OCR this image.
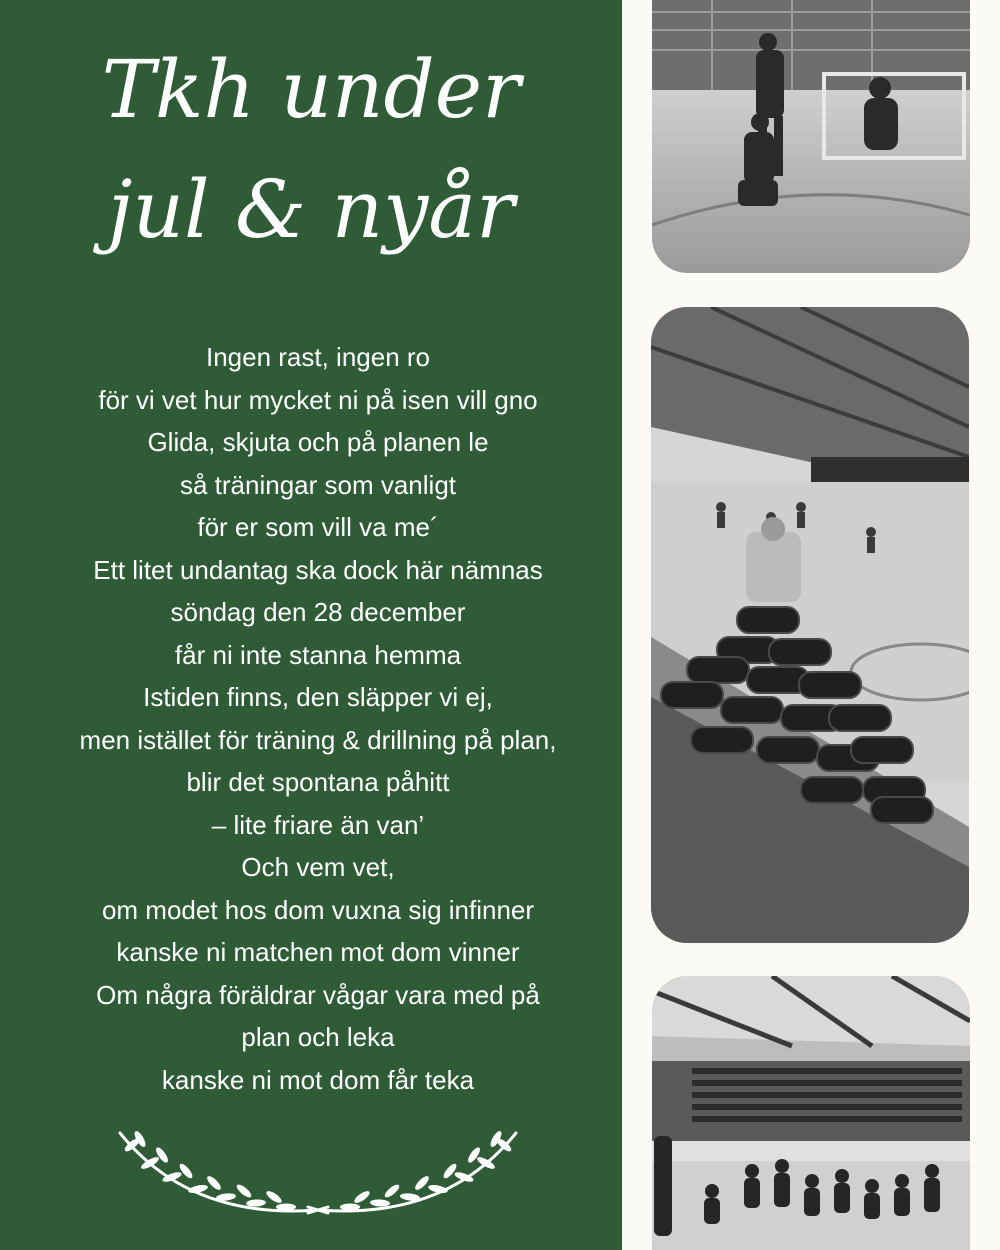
Tkh under
jul & nyår
Ingen rast, ingen ro
för vi vet hur mycket ni på isen vill gno
Glida, skjuta och på planen le
så träningar som vanligt
för er som vill va me´
Ett litet undantag ska dock här nämnas
söndag den 28 december
får ni inte stanna hemma
Istiden finns, den släpper vi ej,
men istället för träning & drillning på plan,
blir det spontana påhitt
– lite friare än van’
Och vem vet,
om modet hos dom vuxna sig infinner
kanske ni matchen mot dom vinner
Om några föräldrar vågar vara med på
plan och leka
kanske ni mot dom får teka
